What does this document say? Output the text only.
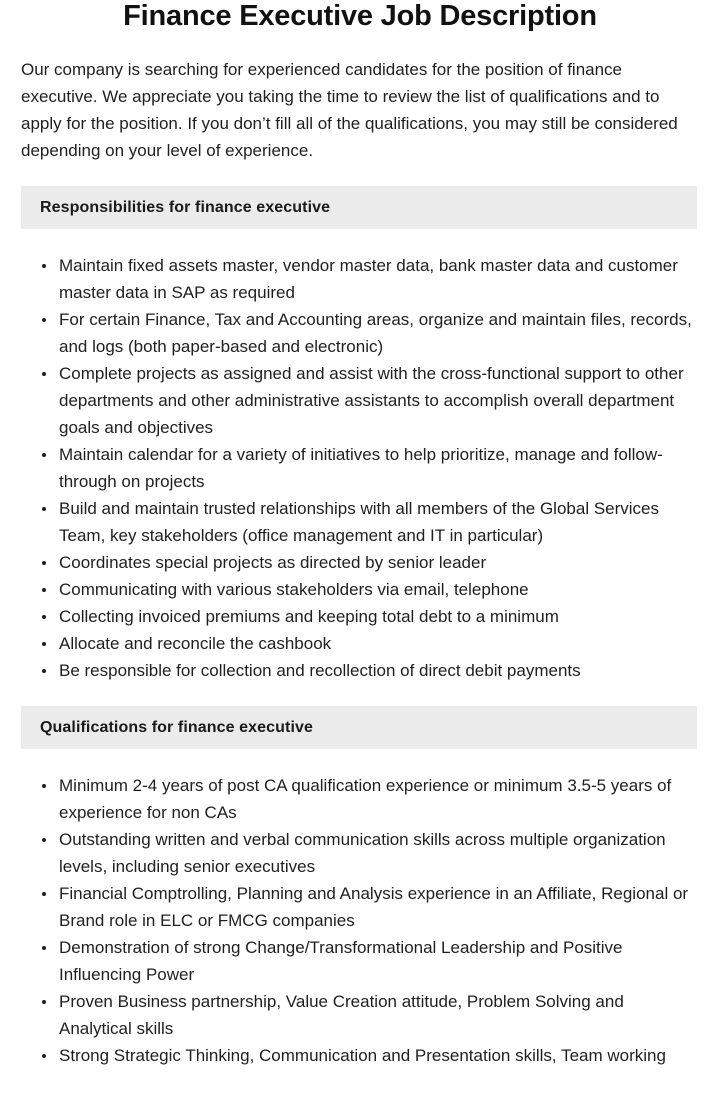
Finance Executive Job Description

Our company is searching for experienced candidates for the position of finance executive. We appreciate you taking the time to review the list of qualifications and to apply for the position. If you don’t fill all of the qualifications, you may still be considered depending on your level of experience.

Responsibilities for finance executive
Maintain fixed assets master, vendor master data, bank master data and customer master data in SAP as required
For certain Finance, Tax and Accounting areas, organize and maintain files, records, and logs (both paper-based and electronic)
Complete projects as assigned and assist with the cross-functional support to other departments and other administrative assistants to accomplish overall department goals and objectives
Maintain calendar for a variety of initiatives to help prioritize, manage and follow-through on projects
Build and maintain trusted relationships with all members of the Global Services Team, key stakeholders (office management and IT in particular)
Coordinates special projects as directed by senior leader
Communicating with various stakeholders via email, telephone
Collecting invoiced premiums and keeping total debt to a minimum
Allocate and reconcile the cashbook
Be responsible for collection and recollection of direct debit payments
Qualifications for finance executive
Minimum 2-4 years of post CA qualification experience or minimum 3.5-5 years of experience for non CAs
Outstanding written and verbal communication skills across multiple organization levels, including senior executives
Financial Comptrolling, Planning and Analysis experience in an Affiliate, Regional or Brand role in ELC or FMCG companies
Demonstration of strong Change/Transformational Leadership and Positive Influencing Power
Proven Business partnership, Value Creation attitude, Problem Solving and Analytical skills
Strong Strategic Thinking, Communication and Presentation skills, Team working
